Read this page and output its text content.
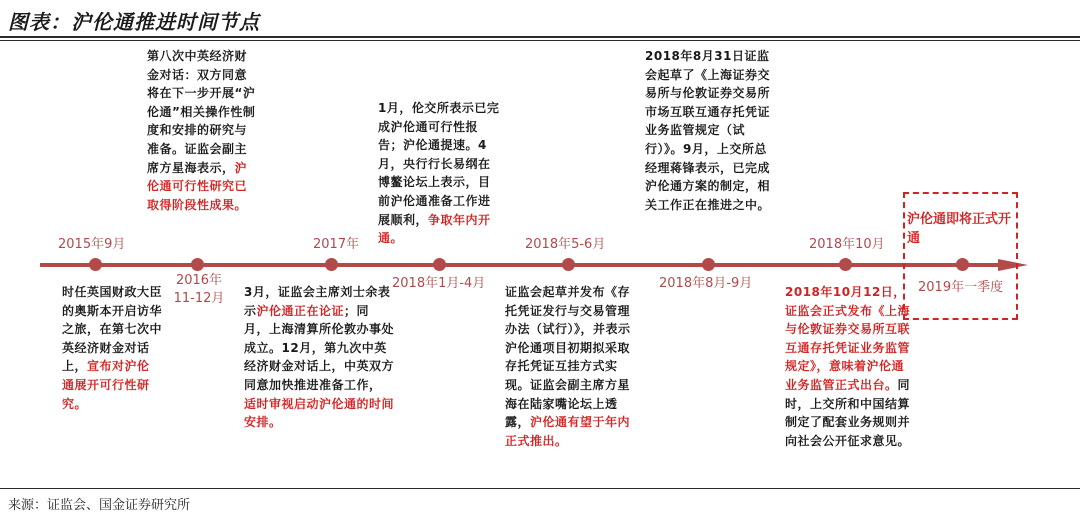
图表：沪伦通推进时间节点
2015年9月
2016年11-12月
2017年
2018年1月-4月
2018年5-6月
2018年8月-9月
2018年10月
时任英国财政大臣的奥斯本开启访华之旅，在第七次中英经济财金对话上，宣布对沪伦通展开可行性研究。
第八次中英经济财金对话：双方同意将在下一步开展“沪伦通”相关操作性制度和安排的研究与准备。证监会副主席方星海表示，沪伦通可行性研究已取得阶段性成果。
3月，证监会主席刘士余表示沪伦通正在论证；同月，上海清算所伦敦办事处成立。12月，第九次中英经济财金对话上，中英双方同意加快推进准备工作，适时审视启动沪伦通的时间安排。
1月，伦交所表示已完成沪伦通可行性报告；沪伦通提速。4月，央行行长易纲在博鳌论坛上表示，目前沪伦通准备工作进展顺利，争取年内开通。
证监会起草并发布《存托凭证发行与交易管理办法（试行）》，并表示沪伦通项目初期拟采取存托凭证互挂方式实现。证监会副主席方星海在陆家嘴论坛上透露，沪伦通有望于年内正式推出。
2018年8月31日证监会起草了《上海证券交易所与伦敦证券交易所市场互联互通存托凭证业务监管规定（试行）》。9月，上交所总经理蒋锋表示，已完成沪伦通方案的制定，相关工作正在推进之中。
2018年10月12日，证监会正式发布《上海与伦敦证券交易所互联互通存托凭证业务监管规定》，意味着沪伦通业务监管正式出台。同时，上交所和中国结算制定了配套业务规则并向社会公开征求意见。
沪伦通即将正式开通
2019年一季度
来源：证监会、国金证券研究所
